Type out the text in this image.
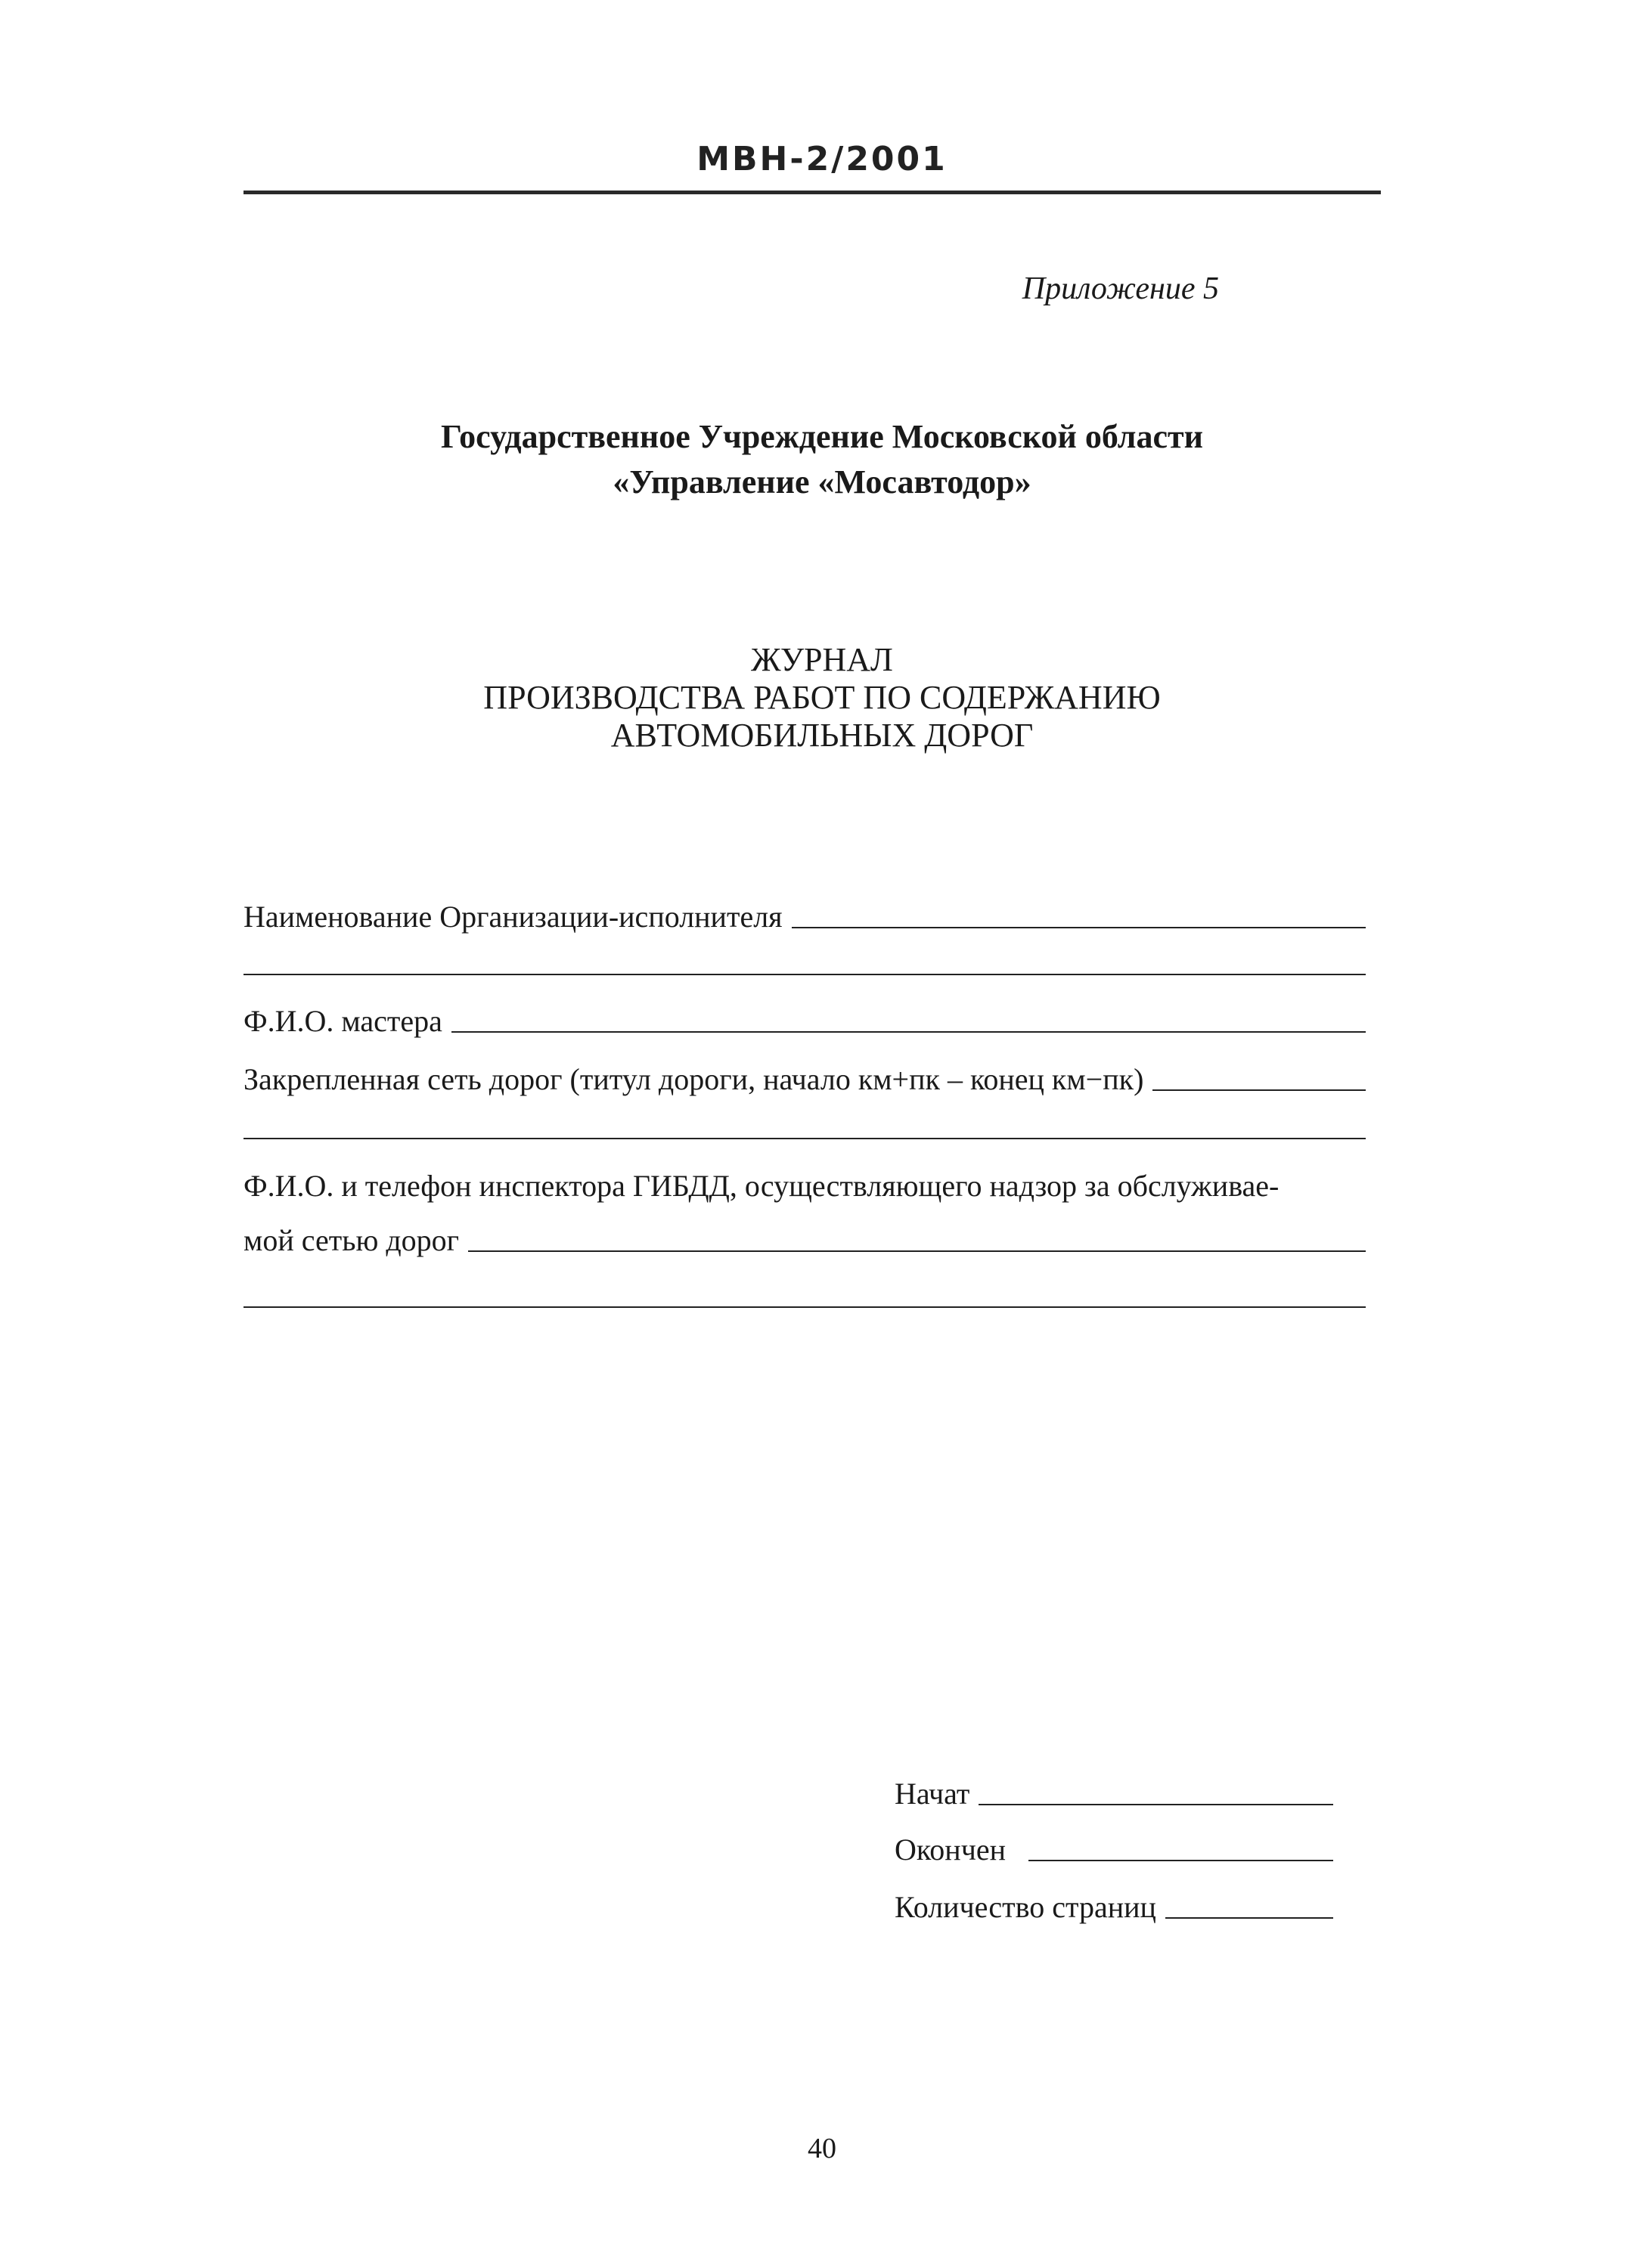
МВН-2/2001
Приложение 5
Государственное Учреждение Московской области
«Управление «Мосавтодор»
ЖУРНАЛ
ПРОИЗВОДСТВА РАБОТ ПО СОДЕРЖАНИЮ
АВТОМОБИЛЬНЫХ ДОРОГ
Наименование Организации-исполнителя
Ф.И.О. мастера
Закрепленная сеть дорог (титул дороги, начало км+пк – конец км−пк)
Ф.И.О. и телефон инспектора ГИБДД, осуществляющего надзор за обслуживае-
мой сетью дорог
Начат
Окончен
Количество страниц
40
